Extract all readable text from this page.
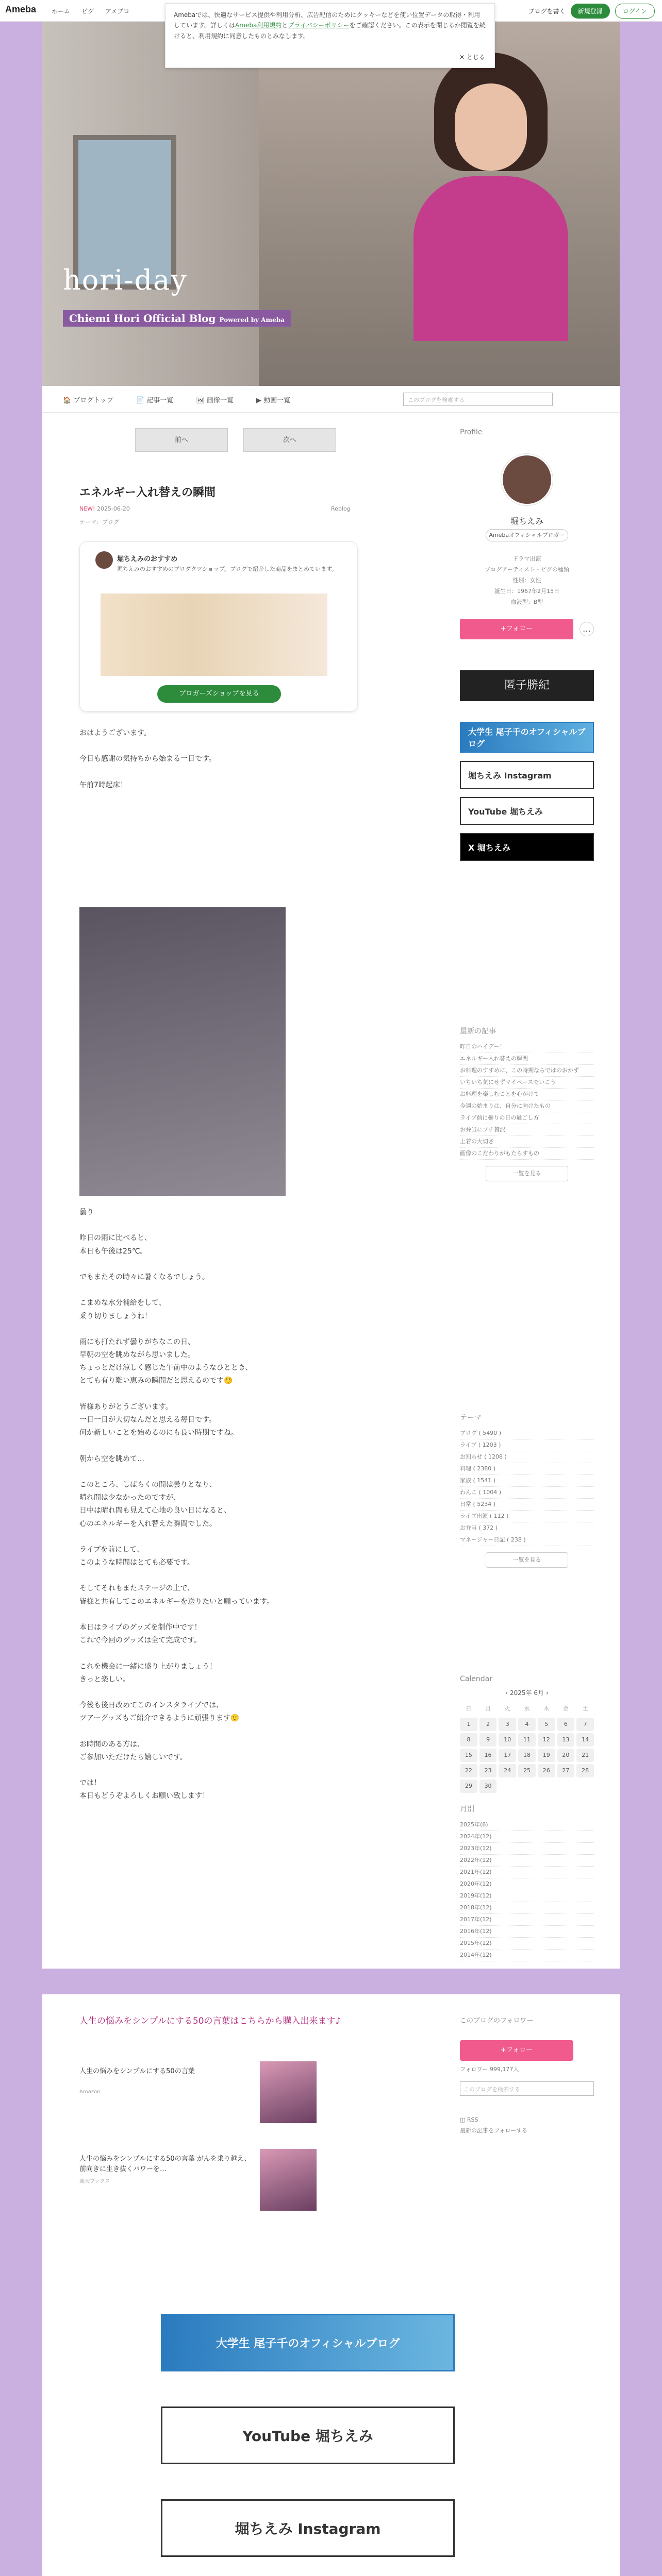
Ameba ホーム ピグ アメブロ	ブログを書く	新規登録	ログイン
Amebaでは、快適なサービス提供や利用分析、広告配信のためにクッキーなどを使い位置データの取得・利用しています。詳しくはAmeba利用規約とプライバシーポリシーをご確認ください。この表示を閉じるか閲覧を続けると、利用規約に同意したものとみなします。
✕ とじる
hori-day
Chiemi Hori Official Blog Powered by Ameba
🏠 ブログトップ	📄 記事一覧	🖼 画像一覧	▶ 動画一覧	このブログを検索する
前へ	次へ
エネルギー入れ替えの瞬間
NEW! 2025-06-20	Reblog
テーマ：ブログ
堀ちえみのおすすめ
堀ちえみのおすすめのプロダクツショップ。ブログで紹介した商品をまとめています。
ブロガーズショップを見る
おはようございます。

今日も感謝の気持ちから始まる一日です。

午前7時起床！
曇り

昨日の雨に比べると、
本日も午後は25℃。

でもまたその時々に暑くなるでしょう。

こまめな水分補給をして、
乗り切りましょうね！

雨にも打たれず曇りがちなこの日、
早朝の空を眺めながら思いました。
ちょっとだけ涼しく感じた午前中のようなひととき、
とても有り難い恵みの瞬間だと思えるのです☺️

皆様ありがとうございます。
一日一日が大切なんだと思える毎日です。
何か新しいことを始めるのにも良い時期ですね。

朝から空を眺めて…

このところ、しばらくの間は曇りとなり、
晴れ間は少なかったのですが、
日中は晴れ間も見えて心地の良い日になると、
心のエネルギーを入れ替えた瞬間でした。

ライブを前にして、
このような時間はとても必要です。

そしてそれもまたステージの上で、
皆様と共有してこのエネルギーを送りたいと願っています。

本日はライブのグッズを制作中です！
これで今回のグッズは全て完成です。

これを機会に一緒に盛り上がりましょう！
きっと楽しい。

今後も後日改めてこのインスタライブでは、
ツアーグッズもご紹介できるように頑張ります🙂

お時間のある方は、
ご参加いただけたら嬉しいです。

では！
本日もどうぞよろしくお願い致します！
Profile
堀ちえみ
Amebaオフィシャルブロガー
ドラマ出演
ブログアーティスト・ピグの種類
性別：女性
誕生日：1967年2月15日
血液型：B型
+フォロー	…
匿子勝紀
大学生 尾子千のオフィシャルブログ
堀ちえみ Instagram
YouTube 堀ちえみ
X 堀ちえみ
最新の記事
昨日のハイデー！
エネルギー入れ替えの瞬間
お料理のすすめに、この時期ならではのおかず
いちいち気にせずマイペースでいこう
お料理を楽しむことを心がけて
今週の始まりは、自分に向けたもの
ライブ前に曇りの日の過ごし方
お弁当にプチ贅沢
上着の大切さ
画像のこだわりがもたらすもの
一覧を見る
テーマ
ブログ ( 5490 )
ライブ ( 1203 )
お知らせ ( 1208 )
料理 ( 2380 )
家族 ( 1541 )
わんこ ( 1004 )
日常 ( 5234 )
ライブ出演 ( 112 )
お弁当 ( 372 )
マネージャー日記 ( 238 )
一覧を見る
Calendar
‹ 2025年 6月 ›
日	月	火	水	木	金	土
1	2	3	4	5	6	7
8	9	10	11	12	13	14
15	16	17	18	19	20	21
22	23	24	25	26	27	28
29	30
月別
2025年(6)
2024年(12)
2023年(12)
2022年(12)
2021年(12)
2020年(12)
2019年(12)
2018年(12)
2017年(12)
2016年(12)
2015年(12)
2014年(12)
人生の悩みをシンプルにする50の言葉はこちらから購入出来ます♪
人生の悩みをシンプルにする50の言葉
Amazon
人生の悩みをシンプルにする50の言葉 がんを乗り越え、前向きに生き抜くパワーを…
楽天ブックス
大学生 尾子千のオフィシャルブログ
YouTube 堀ちえみ
堀ちえみ Instagram
このブログのフォロワー
+フォロー
フォロワー 999,177人
このブログを検索する
◫ RSS
最新の記事をフォローする
